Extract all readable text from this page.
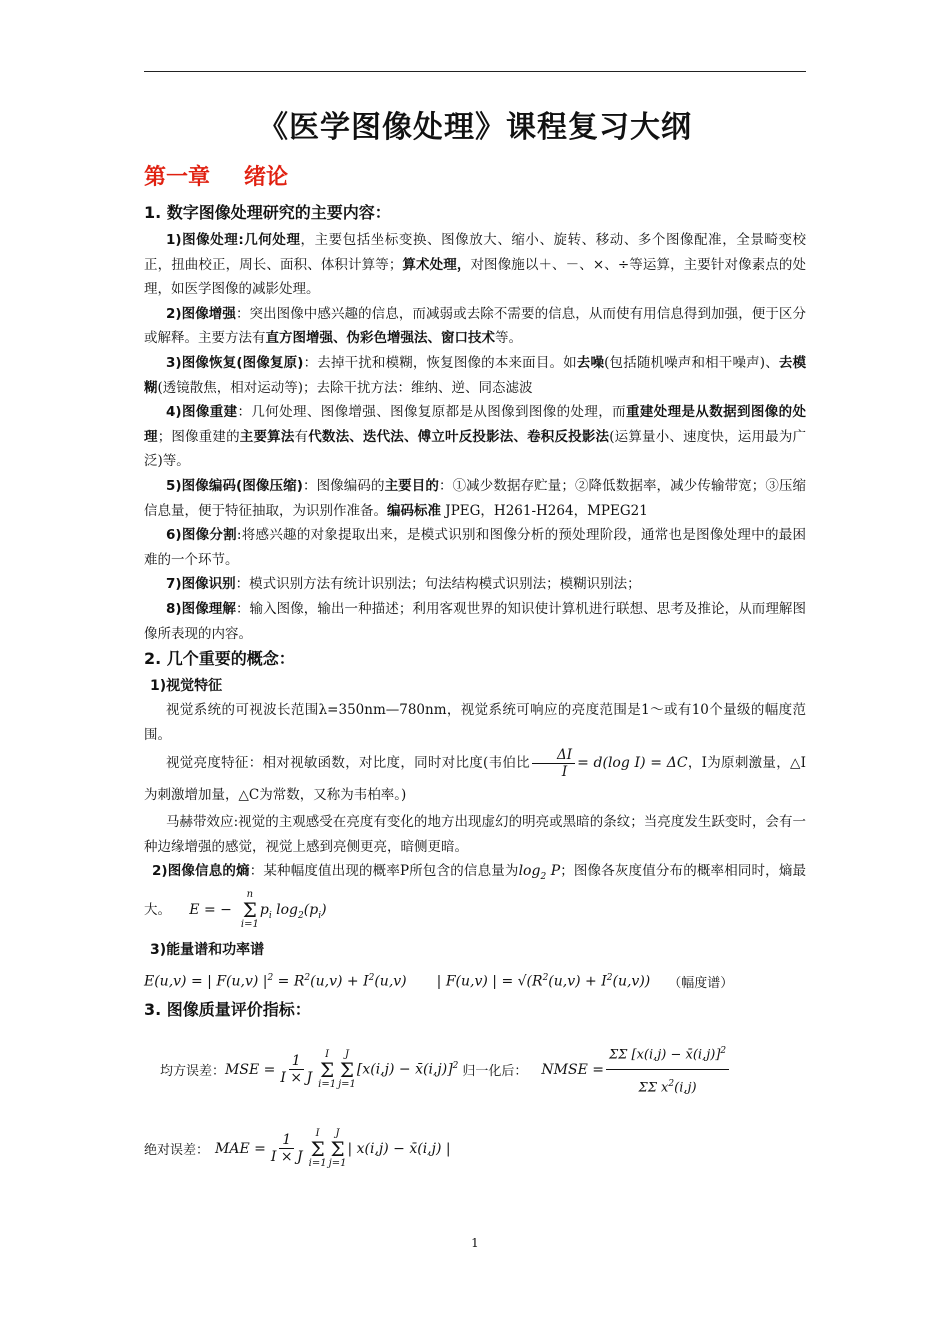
《医学图像处理》课程复习大纲
第一章 绪论
1. 数字图像处理研究的主要内容：

1)图像处理:几何处理，主要包括坐标变换、图像放大、缩小、旋转、移动、多个图像配准，全景畸变校正，扭曲校正，周长、面积、体积计算等；算术处理，对图像施以＋、－、×、÷等运算，主要针对像素点的处理，如医学图像的减影处理。

2)图像增强：突出图像中感兴趣的信息，而减弱或去除不需要的信息，从而使有用信息得到加强，便于区分或解释。主要方法有直方图增强、伪彩色增强法、窗口技术等。

3)图像恢复(图像复原)：去掉干扰和模糊，恢复图像的本来面目。如去噪(包括随机噪声和相干噪声)、去模糊(透镜散焦，相对运动等)；去除干扰方法：维纳、逆、同态滤波

4)图像重建：几何处理、图像增强、图像复原都是从图像到图像的处理，而重建处理是从数据到图像的处理；图像重建的主要算法有代数法、迭代法、傅立叶反投影法、卷积反投影法(运算量小、速度快，运用最为广泛)等。

5)图像编码(图像压缩)：图像编码的主要目的：①减少数据存贮量；②降低数据率，减少传输带宽；③压缩信息量，便于特征抽取，为识别作准备。编码标准 JPEG，H261-H264，MPEG21

6)图像分割:将感兴趣的对象提取出来，是模式识别和图像分析的预处理阶段，通常也是图像处理中的最困难的一个环节。

7)图像识别：模式识别方法有统计识别法；句法结构模式识别法；模糊识别法；

8)图像理解：输入图像，输出一种描述；利用客观世界的知识使计算机进行联想、思考及推论，从而理解图像所表现的内容。

2. 几个重要的概念：
1)视觉特征

视觉系统的可视波长范围λ=350nm—780nm，视觉系统可响应的亮度范围是1～或有10个量级的幅度范围。

视觉亮度特征：相对视敏函数，对比度，同时对比度(韦伯比 $\frac{\Delta I}{I} = d(\log$ I) = ΔC，I为原刺激量，△I为刺激增加量，△C为常数，又称为韦柏率。)

马赫带效应:视觉的主观感受在亮度有变化的地方出现虚幻的明亮或黑暗的条纹；当亮度发生跃变时，会有一种边缘增强的感觉，视觉上感到亮侧更亮，暗侧更暗。

2)图像信息的熵：某种幅度值出现的概率P所包含的信息量为$\log_2 P$；图像各灰度值分布的概率相同时，熵最大。 E = −
n
Σ
i=1
$p_i$ $\log_2(p_i)$

3)能量谱和功率谱
E(u,v) = | F(u,v) $|^2 = R^2(u,v) + I^2(u,v)$ | F(u,v) | = $√(R^2(u,v) + I^2(u,v))$ （幅度谱）
3. 图像质量评价指标：
均方误差： MSE = $\frac{1}{I \times J}$ I
Σ
i=1
J
Σ
j=1
[x(i,j) − x̄(i,j)]$^2$ 归一化后： NMSE = $\frac{\Sigma\Sigma [x(i,j) - x̄(i,j)]^2}{\Sigma\Sigma x^2(i,j)}$
绝对误差： MAE = $\frac{1}{I \times J}$ I
Σ
i=1
J
Σ
j=1
| x(i,j) − x̄(i,j) |
1
